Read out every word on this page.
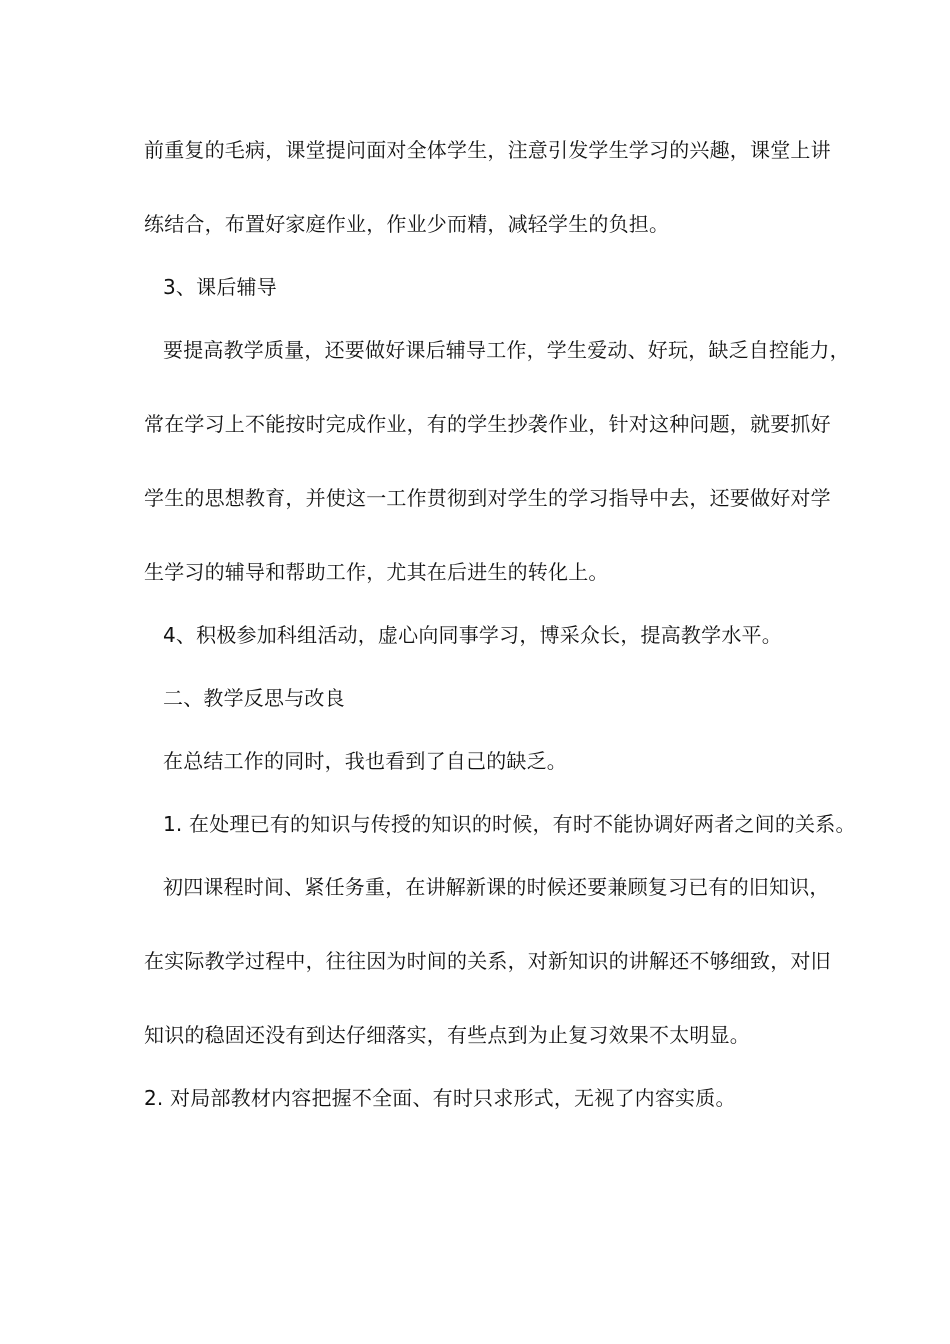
前重复的毛病，课堂提问面对全体学生，注意引发学生学习的兴趣，课堂上讲
练结合，布置好家庭作业，作业少而精，减轻学生的负担。
3、课后辅导
要提高教学质量，还要做好课后辅导工作，学生爱动、好玩，缺乏自控能力，
常在学习上不能按时完成作业，有的学生抄袭作业，针对这种问题，就要抓好
学生的思想教育，并使这一工作贯彻到对学生的学习指导中去，还要做好对学
生学习的辅导和帮助工作，尤其在后进生的转化上。
4、积极参加科组活动，虚心向同事学习，博采众长，提高教学水平。
二、教学反思与改良
在总结工作的同时，我也看到了自己的缺乏。
1. 在处理已有的知识与传授的知识的时候，有时不能协调好两者之间的关系。
初四课程时间、紧任务重，在讲解新课的时候还要兼顾复习已有的旧知识，
在实际教学过程中，往往因为时间的关系，对新知识的讲解还不够细致，对旧
知识的稳固还没有到达仔细落实，有些点到为止复习效果不太明显。
2. 对局部教材内容把握不全面、有时只求形式，无视了内容实质。
